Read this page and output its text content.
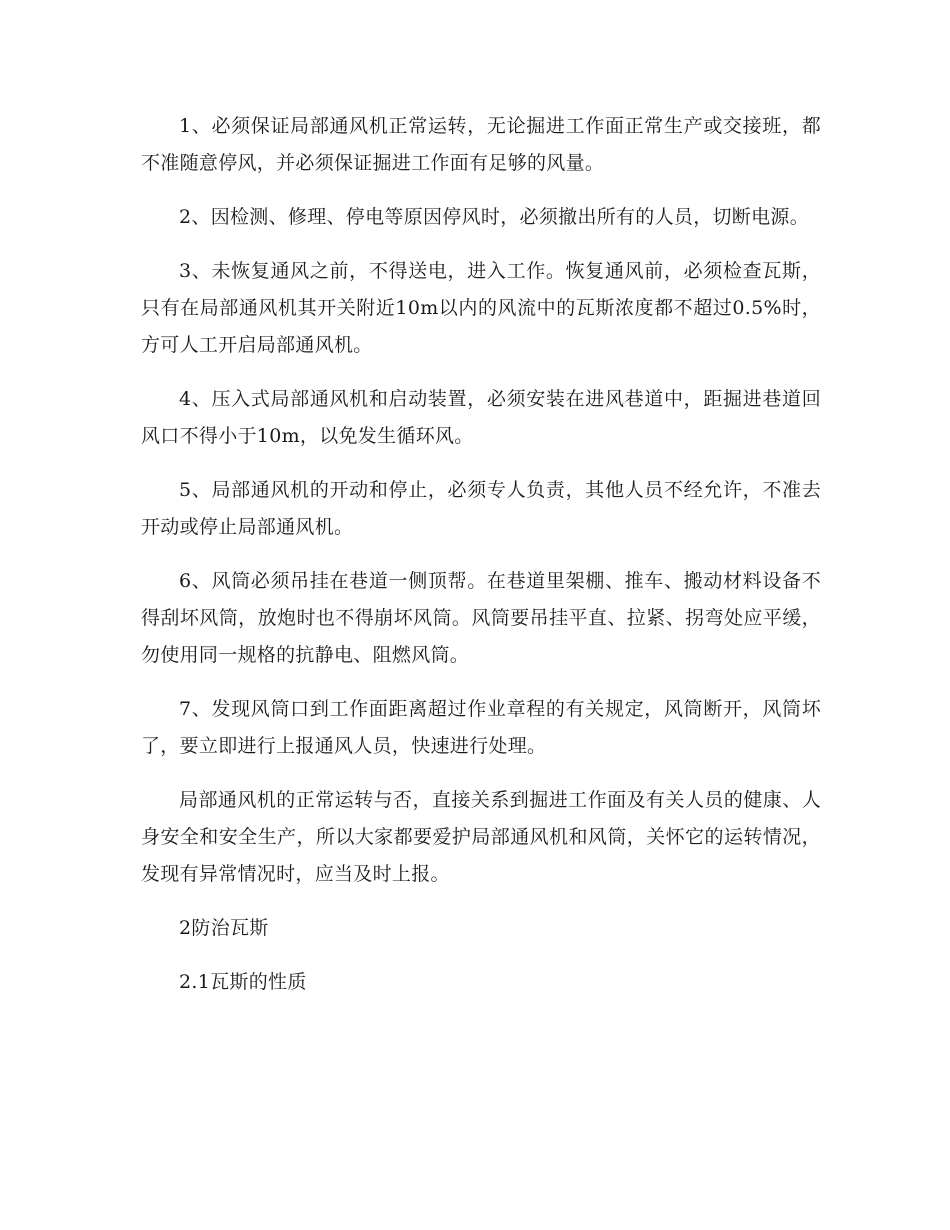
1、必须保证局部通风机正常运转，无论掘进工作面正常生产或交接班，都不准随意停风，并必须保证掘进工作面有足够的风量。

2、因检测、修理、停电等原因停风时，必须撤出所有的人员，切断电源。

3、未恢复通风之前，不得送电，进入工作。恢复通风前，必须检查瓦斯，只有在局部通风机其开关附近10m以内的风流中的瓦斯浓度都不超过0.5%时，方可人工开启局部通风机。

4、压入式局部通风机和启动装置，必须安装在进风巷道中，距掘进巷道回风口不得小于10m，以免发生循环风。

5、局部通风机的开动和停止，必须专人负责，其他人员不经允许，不准去开动或停止局部通风机。

6、风筒必须吊挂在巷道一侧顶帮。在巷道里架棚、推车、搬动材料设备不得刮坏风筒，放炮时也不得崩坏风筒。风筒要吊挂平直、拉紧、拐弯处应平缓，勿使用同一规格的抗静电、阻燃风筒。

7、发现风筒口到工作面距离超过作业章程的有关规定，风筒断开，风筒坏了，要立即进行上报通风人员，快速进行处理。

局部通风机的正常运转与否，直接关系到掘进工作面及有关人员的健康、人身安全和安全生产，所以大家都要爱护局部通风机和风筒，关怀它的运转情况，发现有异常情况时，应当及时上报。

2防治瓦斯

2.1瓦斯的性质
